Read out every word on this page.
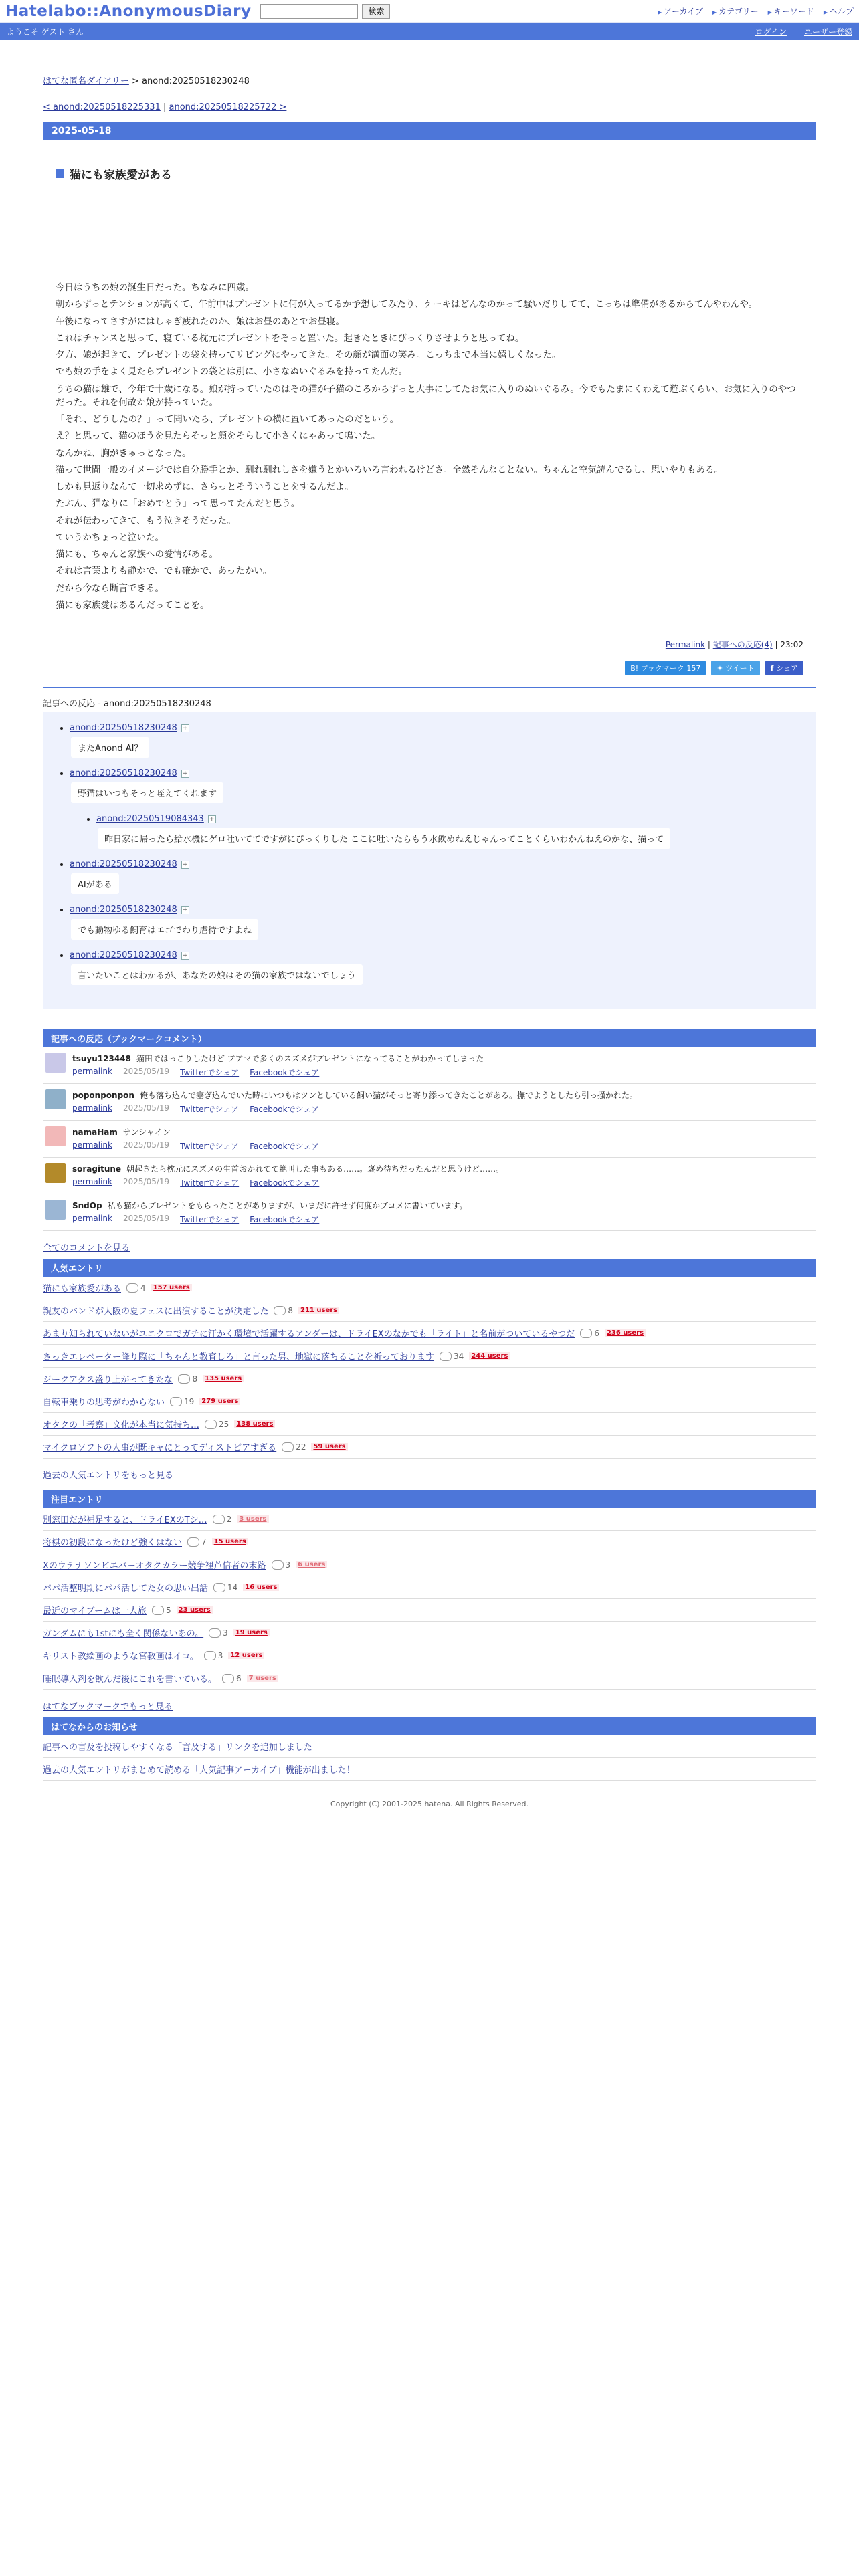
Hatelabo::AnonymousDiary	検索	▶ アーカイブ	▶ カテゴリー	▶ キーワード	▶ ヘルプ
ようこそ ゲスト さん	ログイン ユーザー登録
はてな匿名ダイアリー > anond:20250518230248
< anond:20250518225331 | anond:20250518225722 >
2025-05-18
猫にも家族愛がある

今日はうちの娘の誕生日だった。ちなみに四歳。

朝からずっとテンションが高くて、午前中はプレゼントに何が入ってるか予想してみたり、ケーキはどんなのかって騒いだりしてて、こっちは準備があるからてんやわんや。

午後になってさすがにはしゃぎ疲れたのか、娘はお昼のあとでお昼寝。

これはチャンスと思って、寝ている枕元にプレゼントをそっと置いた。起きたときにびっくりさせようと思ってね。

夕方、娘が起きて、プレゼントの袋を持ってリビングにやってきた。その顔が満面の笑み。こっちまで本当に嬉しくなった。

でも娘の手をよく見たらプレゼントの袋とは別に、小さなぬいぐるみを持ってたんだ。

うちの猫は雄で、今年で十歳になる。娘が持っていたのはその猫が子猫のころからずっと大事にしてたお気に入りのぬいぐるみ。今でもたまにくわえて遊ぶくらい、お気に入りのやつだった。それを何故か娘が持っていた。

「それ、どうしたの？」って聞いたら、プレゼントの横に置いてあったのだという。

え？と思って、猫のほうを見たらそっと顔をそらして小さくにゃあって鳴いた。

なんかね、胸がきゅっとなった。

猫って世間一般のイメージでは自分勝手とか、馴れ馴れしさを嫌うとかいろいろ言われるけどさ。全然そんなことない。ちゃんと空気読んでるし、思いやりもある。

しかも見返りなんて一切求めずに、さらっとそういうことをするんだよ。

たぶん、猫なりに「おめでとう」って思ってたんだと思う。

それが伝わってきて、もう泣きそうだった。

ていうかちょっと泣いた。

猫にも、ちゃんと家族への愛情がある。

それは言葉よりも静かで、でも確かで、あったかい。

だから今なら断言できる。

猫にも家族愛はあるんだってことを。

Permalink | 記事への反応(4) | 23:02
B! ブックマーク 157	✦ ツイート	f シェア
記事への反応 - anond:20250518230248
• anond:20250518230248 +
またAnond AI？
• anond:20250518230248 +
野猫はいつもそっと咥えてくれます
• anond:20250519084343 +
昨日家に帰ったら給水機にゲロ吐いててですがにびっくりした ここに吐いたらもう水飲めねえじゃんってことくらいわかんねえのかな、猫って
• anond:20250518230248 +
AIがある
• anond:20250518230248 +
でも動物ゆる飼育はエゴでわり虐待ですよね
• anond:20250518230248 +
言いたいことはわかるが、あなたの娘はその猫の家族ではないでしょう
記事への反応（ブックマークコメント）
tsuyu123448 猫田ではっこりしたけど プアマで多くのスズメがプレゼントになってることがわかってしまった
permalink 2025/05/19 Twitterでシェア Facebookでシェア
poponponpon 俺も落ち込んで塞ぎ込んでいた時にいつもはツンとしている飼い猫がそっと寄り添ってきたことがある。撫でようとしたら引っ掻かれた。
permalink 2025/05/19 Twitterでシェア Facebookでシェア
namaHam サンシャイン
permalink 2025/05/19 Twitterでシェア Facebookでシェア
soragitune 朝起きたら枕元にスズメの生首おかれてて絶叫した事もある……。褒め待ちだったんだと思うけど……。
permalink 2025/05/19 Twitterでシェア Facebookでシェア
SndOp 私も猫からプレゼントをもらったことがありますが、いまだに許せず何度かブコメに書いています。
permalink 2025/05/19 Twitterでシェア Facebookでシェア
全てのコメントを見る
人気エントリ
猫にも家族愛がある	4	157 users
親友のバンドが大阪の夏フェスに出演することが決定した	8	211 users
あまり知られていないがユニクロでガチに汗かく環境で活躍するアンダーは、ドライEXのなかでも「ライト」と名前がついているやつだ	6	236 users
さっきエレベーター降り際に「ちゃんと教育しろ」と言った男、地獄に落ちることを祈っております	34	244 users
ジークアクス盛り上がってきたな	8	135 users
自転車乗りの思考がわからない	19	279 users
オタクの「考察」文化が本当に気持ち…	25	138 users
マイクロソフトの人事が既キャにとってディストピアすぎる	22	59 users
過去の人気エントリをもっと見る
注目エントリ
別窓田だが補足すると、ドライEXのTシ…	2	3 users
将棋の初段になったけど強くはない	7	15 users
Xのウテナソンビエバーオタクカラー競争裡芦信者の末路	3	6 users
パパ活整明期にパパ活してた女の思い出話	14	16 users
最近のマイブームは一人旅	5	23 users
ガンダムにも1stにも全く関係ないあの。	3	19 users
キリスト教絵画のような宮教画はイコ。	3	12 users
睡眠導入剤を飲んだ後にこれを書いている。	6	7 users
はてなブックマークでもっと見る
はてなからのお知らせ
記事への言及を投稿しやすくなる「言及する」リンクを追加しました
過去の人気エントリがまとめて読める「人気記事アーカイブ」機能が出ました！
Copyright (C) 2001-2025 hatena. All Rights Reserved.
